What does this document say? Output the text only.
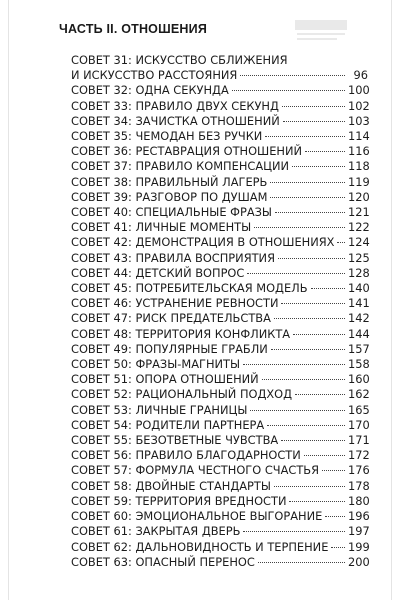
ЧАСТЬ II. ОТНОШЕНИЯ
СОВЕТ 31: ИСКУССТВО СБЛИЖЕНИЯ
И ИСКУССТВО РАССТОЯНИЯ	96
СОВЕТ 32: ОДНА СЕКУНДА	100
СОВЕТ 33: ПРАВИЛО ДВУХ СЕКУНД	102
СОВЕТ 34: ЗАЧИСТКА ОТНОШЕНИЙ	103
СОВЕТ 35: ЧЕМОДАН БЕЗ РУЧКИ	114
СОВЕТ 36: РЕСТАВРАЦИЯ ОТНОШЕНИЙ	116
СОВЕТ 37: ПРАВИЛО КОМПЕНСАЦИИ	118
СОВЕТ 38: ПРАВИЛЬНЫЙ ЛАГЕРЬ	119
СОВЕТ 39: РАЗГОВОР ПО ДУШАМ	120
СОВЕТ 40: СПЕЦИАЛЬНЫЕ ФРАЗЫ	121
СОВЕТ 41: ЛИЧНЫЕ МОМЕНТЫ	122
СОВЕТ 42: ДЕМОНСТРАЦИЯ В ОТНОШЕНИЯХ 124
СОВЕТ 43: ПРАВИЛА ВОСПРИЯТИЯ	125
СОВЕТ 44: ДЕТСКИЙ ВОПРОС	128
СОВЕТ 45: ПОТРЕБИТЕЛЬСКАЯ МОДЕЛЬ	140
СОВЕТ 46: УСТРАНЕНИЕ РЕВНОСТИ	141
СОВЕТ 47: РИСК ПРЕДАТЕЛЬСТВА	142
СОВЕТ 48: ТЕРРИТОРИЯ КОНФЛИКТА	144
СОВЕТ 49: ПОПУЛЯРНЫЕ ГРАБЛИ	157
СОВЕТ 50: ФРАЗЫ-МАГНИТЫ	158
СОВЕТ 51: ОПОРА ОТНОШЕНИЙ	160
СОВЕТ 52: РАЦИОНАЛЬНЫЙ ПОДХОД	162
СОВЕТ 53: ЛИЧНЫЕ ГРАНИЦЫ	165
СОВЕТ 54: РОДИТЕЛИ ПАРТНЕРА	170
СОВЕТ 55: БЕЗОТВЕТНЫЕ ЧУВСТВА	171
СОВЕТ 56: ПРАВИЛО БЛАГОДАРНОСТИ	172
СОВЕТ 57: ФОРМУЛА ЧЕСТНОГО СЧАСТЬЯ	176
СОВЕТ 58: ДВОЙНЫЕ СТАНДАРТЫ	178
СОВЕТ 59: ТЕРРИТОРИЯ ВРЕДНОСТИ	180
СОВЕТ 60: ЭМОЦИОНАЛЬНОЕ ВЫГОРАНИЕ 196
СОВЕТ 61: ЗАКРЫТАЯ ДВЕРЬ	197
СОВЕТ 62: ДАЛЬНОВИДНОСТЬ И ТЕРПЕНИЕ 199
СОВЕТ 63: ОПАСНЫЙ ПЕРЕНОС	200
